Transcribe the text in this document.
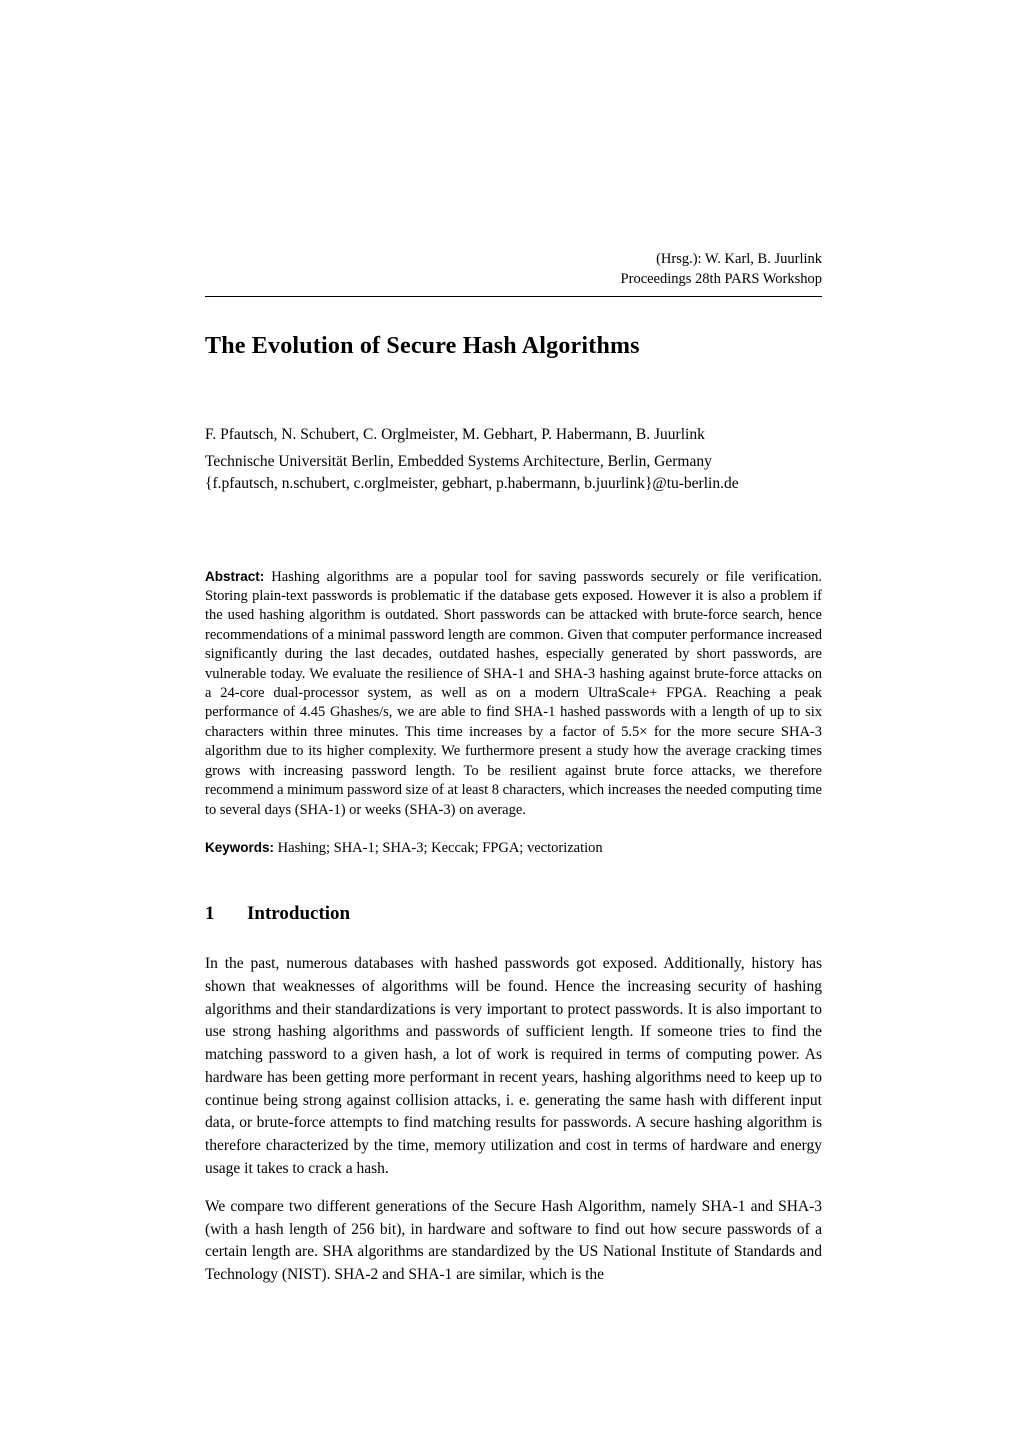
(Hrsg.): W. Karl, B. Juurlink
Proceedings 28th PARS Workshop
The Evolution of Secure Hash Algorithms
F. Pfautsch, N. Schubert, C. Orglmeister, M. Gebhart, P. Habermann, B. Juurlink
Technische Universität Berlin, Embedded Systems Architecture, Berlin, Germany
{f.pfautsch, n.schubert, c.orglmeister, gebhart, p.habermann, b.juurlink}@tu-berlin.de

Abstract: Hashing algorithms are a popular tool for saving passwords securely or file verification. Storing plain-text passwords is problematic if the database gets exposed. However it is also a problem if the used hashing algorithm is outdated. Short passwords can be attacked with brute-force search, hence recommendations of a minimal password length are common. Given that computer performance increased significantly during the last decades, outdated hashes, especially generated by short passwords, are vulnerable today. We evaluate the resilience of SHA-1 and SHA-3 hashing against brute-force attacks on a 24-core dual-processor system, as well as on a modern UltraScale+ FPGA. Reaching a peak performance of 4.45 Ghashes/s, we are able to find SHA-1 hashed passwords with a length of up to six characters within three minutes. This time increases by a factor of 5.5× for the more secure SHA-3 algorithm due to its higher complexity. We furthermore present a study how the average cracking times grows with increasing password length. To be resilient against brute force attacks, we therefore recommend a minimum password size of at least 8 characters, which increases the needed computing time to several days (SHA-1) or weeks (SHA-3) on average.

Keywords: Hashing; SHA-1; SHA-3; Keccak; FPGA; vectorization

1	Introduction

In the past, numerous databases with hashed passwords got exposed. Additionally, history has shown that weaknesses of algorithms will be found. Hence the increasing security of hashing algorithms and their standardizations is very important to protect passwords. It is also important to use strong hashing algorithms and passwords of sufficient length. If someone tries to find the matching password to a given hash, a lot of work is required in terms of computing power. As hardware has been getting more performant in recent years, hashing algorithms need to keep up to continue being strong against collision attacks, i. e. generating the same hash with different input data, or brute-force attempts to find matching results for passwords. A secure hashing algorithm is therefore characterized by the time, memory utilization and cost in terms of hardware and energy usage it takes to crack a hash.

We compare two different generations of the Secure Hash Algorithm, namely SHA-1 and SHA-3 (with a hash length of 256 bit), in hardware and software to find out how secure passwords of a certain length are. SHA algorithms are standardized by the US National Institute of Standards and Technology (NIST). SHA-2 and SHA-1 are similar, which is the
